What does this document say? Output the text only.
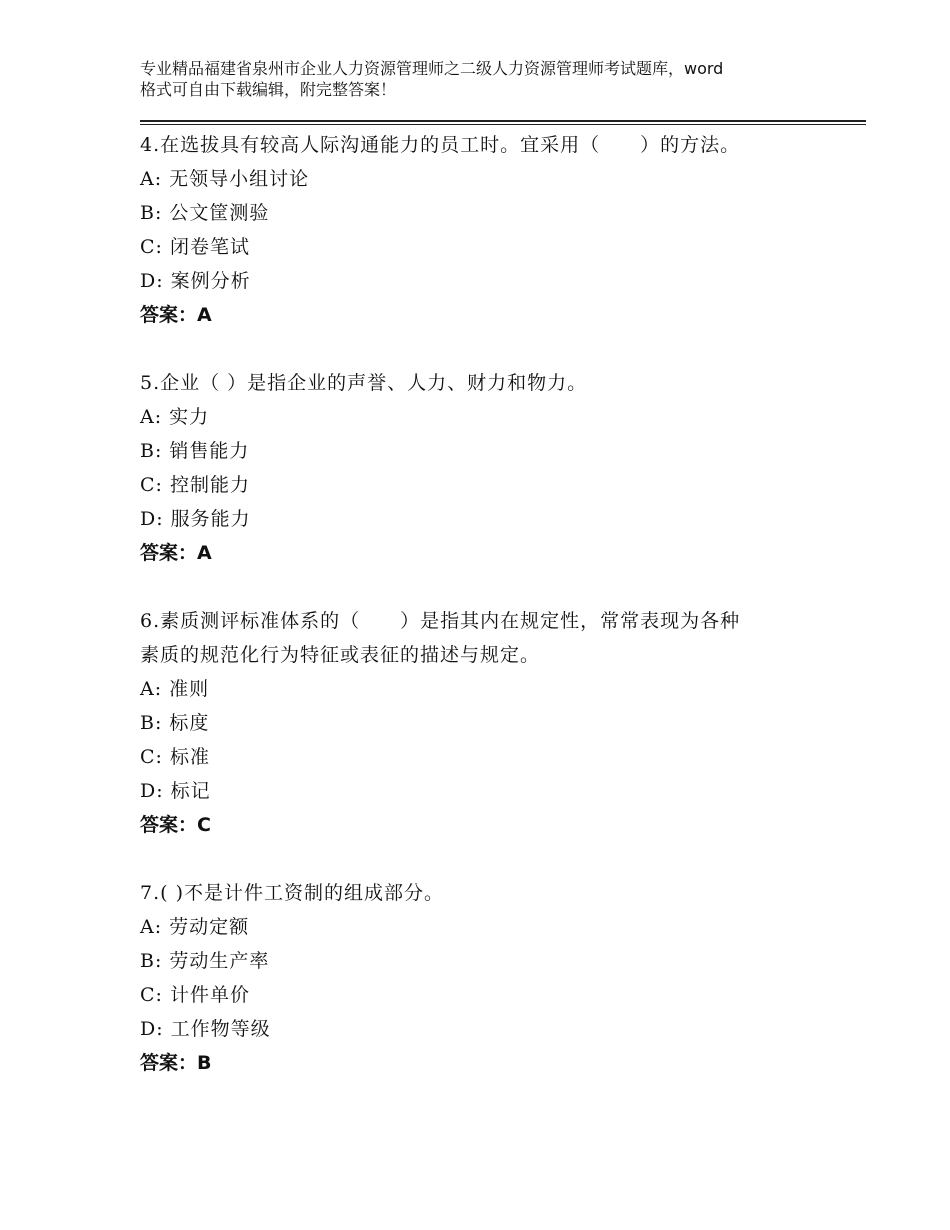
专业精品福建省泉州市企业人力资源管理师之二级人力资源管理师考试题库，word
格式可自由下载编辑，附完整答案！
4.在选拔具有较高人际沟通能力的员工时。宜采用（　　）的方法。
A: 无领导小组讨论
B: 公文筐测验
C: 闭卷笔试
D: 案例分析
答案：A
5.企业（ ）是指企业的声誉、人力、财力和物力。
A: 实力
B: 销售能力
C: 控制能力
D: 服务能力
答案：A
6.素质测评标准体系的（　　）是指其内在规定性，常常表现为各种
素质的规范化行为特征或表征的描述与规定。
A: 准则
B: 标度
C: 标准
D: 标记
答案：C
7.( )不是计件工资制的组成部分。
A: 劳动定额
B: 劳动生产率
C: 计件单价
D: 工作物等级
答案：B
